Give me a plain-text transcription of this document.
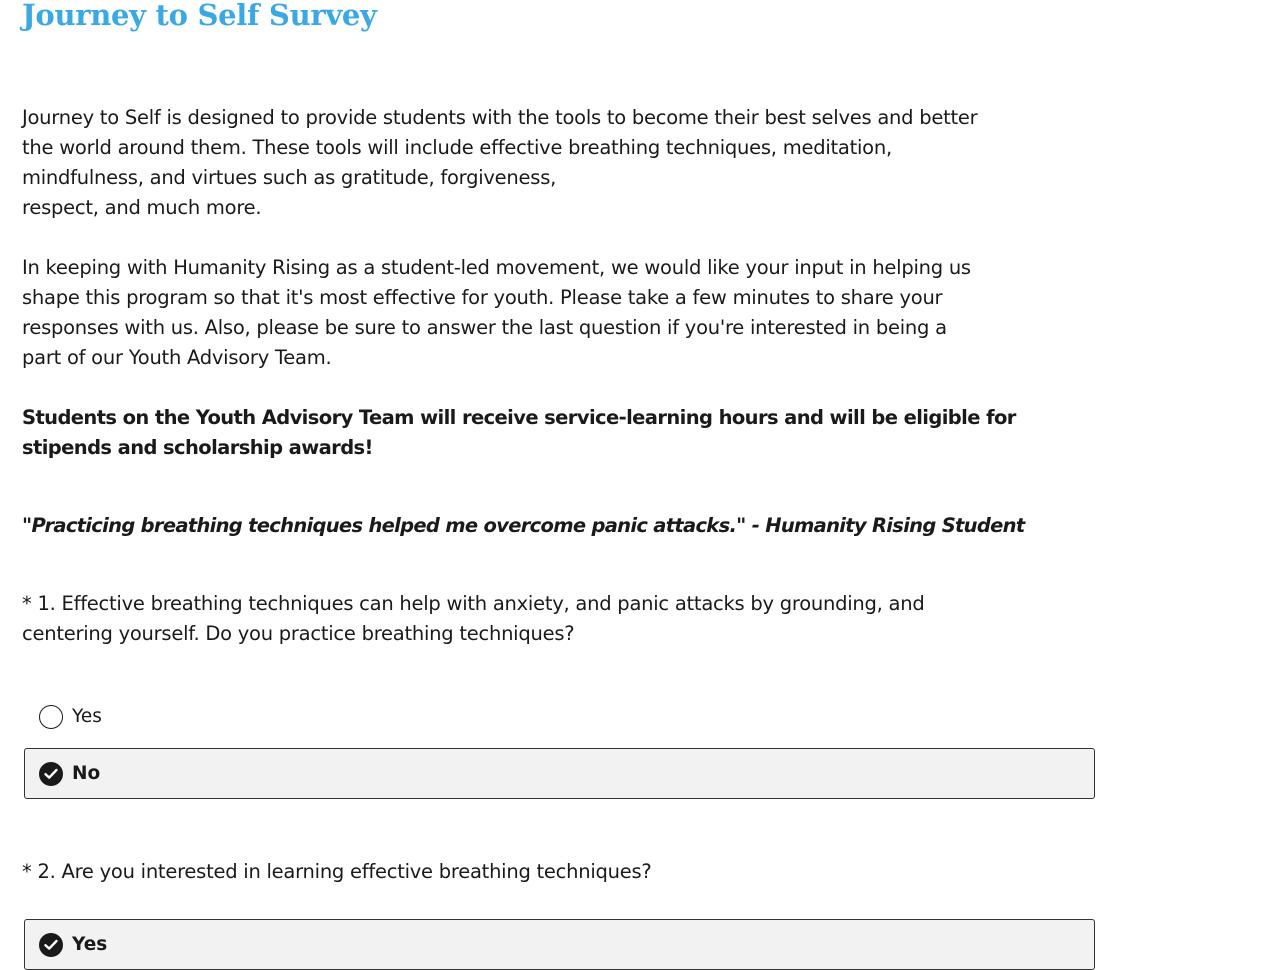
Journey to Self Survey

Journey to Self is designed to provide students with the tools to become their best selves and better
the world around them. These tools will include effective breathing techniques, meditation,
mindfulness, and virtues such as gratitude, forgiveness,
respect, and much more.

In keeping with Humanity Rising as a student-led movement, we would like your input in helping us
shape this program so that it's most effective for youth. Please take a few minutes to share your
responses with us. Also, please be sure to answer the last question if you're interested in being a
part of our Youth Advisory Team.

Students on the Youth Advisory Team will receive service-learning hours and will be eligible for
stipends and scholarship awards!

"Practicing breathing techniques helped me overcome panic attacks." - Humanity Rising Student
* 1. Effective breathing techniques can help with anxiety, and panic attacks by grounding, and
centering yourself. Do you practice breathing techniques?
Yes
No
* 2. Are you interested in learning effective breathing techniques?
Yes
